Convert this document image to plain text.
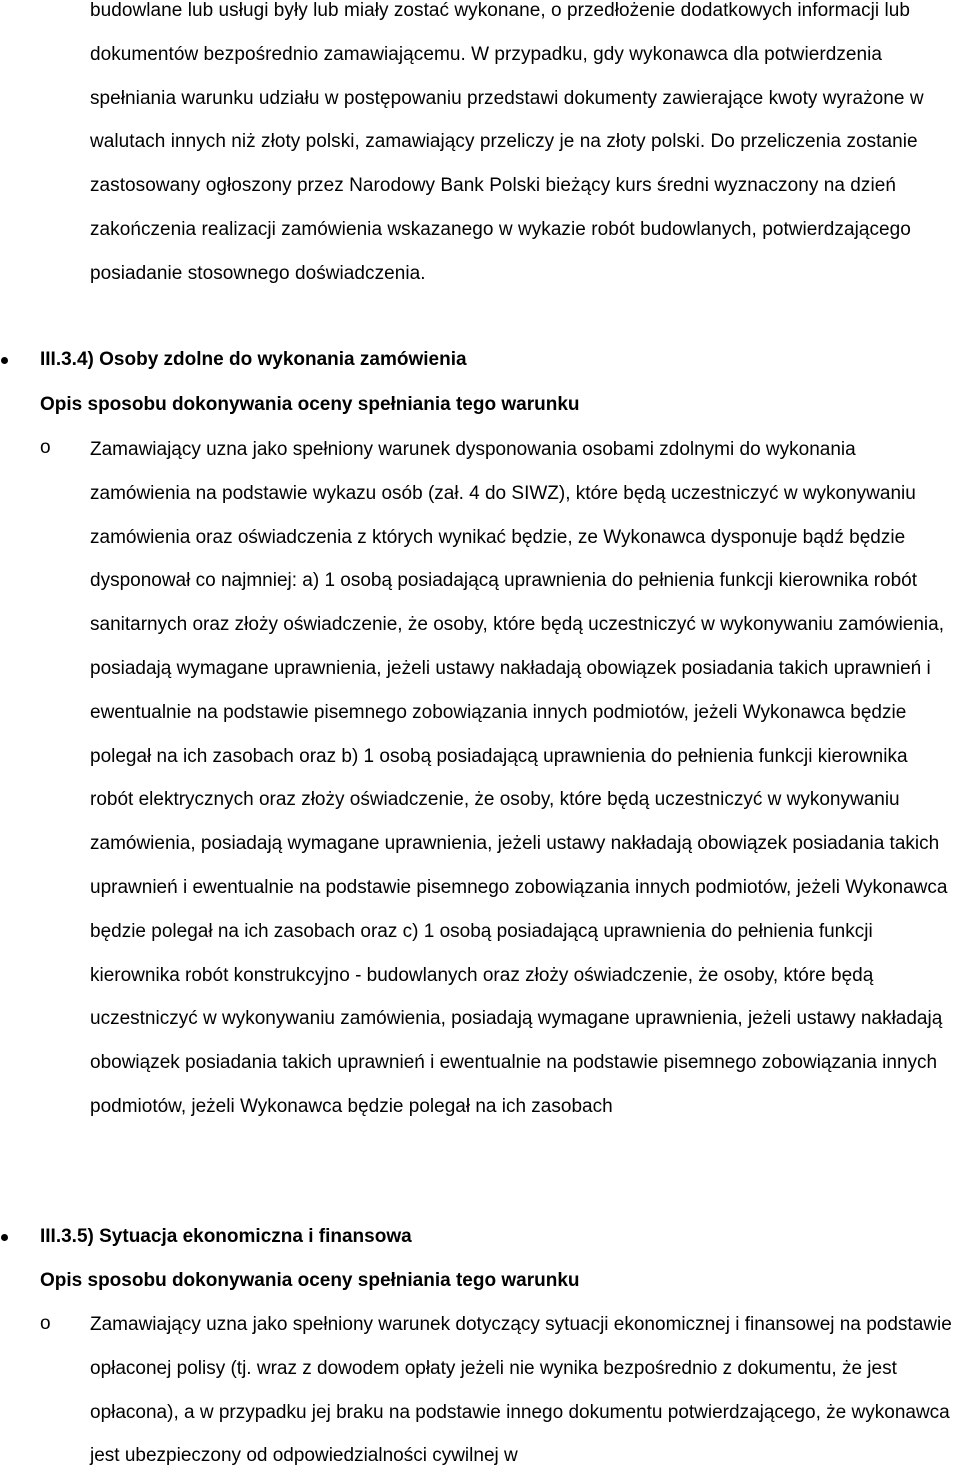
budowlane lub usługi były lub miały zostać wykonane, o przedłożenie dodatkowych informacji lub dokumentów bezpośrednio zamawiającemu. W przypadku, gdy wykonawca dla potwierdzenia spełniania warunku udziału w postępowaniu przedstawi dokumenty zawierające kwoty wyrażone w walutach innych niż złoty polski, zamawiający przeliczy je na złoty polski. Do przeliczenia zostanie zastosowany ogłoszony przez Narodowy Bank Polski bieżący kurs średni wyznaczony na dzień zakończenia realizacji zamówienia wskazanego w wykazie robót budowlanych, potwierdzającego posiadanie stosownego doświadczenia.

III.3.4) Osoby zdolne do wykonania zamówienia
Opis sposobu dokonywania oceny spełniania tego warunku
o Zamawiający uzna jako spełniony warunek dysponowania osobami zdolnymi do wykonania zamówienia na podstawie wykazu osób (zał. 4 do SIWZ), które będą uczestniczyć w wykonywaniu zamówienia oraz oświadczenia z których wynikać będzie, ze Wykonawca dysponuje bądź będzie dysponował co najmniej: a) 1 osobą posiadającą uprawnienia do pełnienia funkcji kierownika robót sanitarnych oraz złoży oświadczenie, że osoby, które będą uczestniczyć w wykonywaniu zamówienia, posiadają wymagane uprawnienia, jeżeli ustawy nakładają obowiązek posiadania takich uprawnień i ewentualnie na podstawie pisemnego zobowiązania innych podmiotów, jeżeli Wykonawca będzie polegał na ich zasobach oraz b) 1 osobą posiadającą uprawnienia do pełnienia funkcji kierownika robót elektrycznych oraz złoży oświadczenie, że osoby, które będą uczestniczyć w wykonywaniu zamówienia, posiadają wymagane uprawnienia, jeżeli ustawy nakładają obowiązek posiadania takich uprawnień i ewentualnie na podstawie pisemnego zobowiązania innych podmiotów, jeżeli Wykonawca będzie polegał na ich zasobach oraz c) 1 osobą posiadającą uprawnienia do pełnienia funkcji kierownika robót konstrukcyjno - budowlanych oraz złoży oświadczenie, że osoby, które będą uczestniczyć w wykonywaniu zamówienia, posiadają wymagane uprawnienia, jeżeli ustawy nakładają obowiązek posiadania takich uprawnień i ewentualnie na podstawie pisemnego zobowiązania innych podmiotów, jeżeli Wykonawca będzie polegał na ich zasobach

III.3.5) Sytuacja ekonomiczna i finansowa
Opis sposobu dokonywania oceny spełniania tego warunku
o Zamawiający uzna jako spełniony warunek dotyczący sytuacji ekonomicznej i finansowej na podstawie opłaconej polisy (tj. wraz z dowodem opłaty jeżeli nie wynika bezpośrednio z dokumentu, że jest opłacona), a w przypadku jej braku na podstawie innego dokumentu potwierdzającego, że wykonawca jest ubezpieczony od odpowiedzialności cywilnej w
